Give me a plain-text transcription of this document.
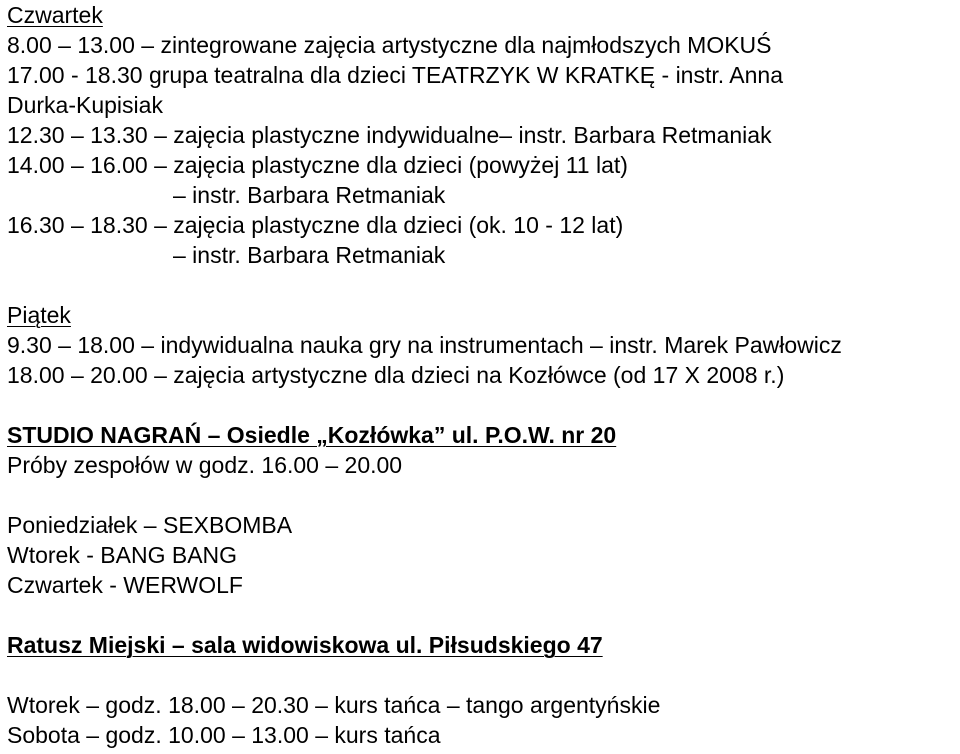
Czwartek
8.00 – 13.00 – zintegrowane zajęcia artystyczne dla najmłodszych MOKUŚ
17.00 - 18.30 grupa teatralna dla dzieci TEATRZYK W KRATKĘ - instr. Anna
Durka-Kupisiak
12.30 – 13.30 – zajęcia plastyczne indywidualne– instr. Barbara Retmaniak
14.00 – 16.00 – zajęcia plastyczne dla dzieci (powyżej 11 lat)
– instr. Barbara Retmaniak
16.30 – 18.30 – zajęcia plastyczne dla dzieci (ok. 10 - 12 lat)
– instr. Barbara Retmaniak
Piątek
9.30 – 18.00 – indywidualna nauka gry na instrumentach – instr. Marek Pawłowicz
18.00 – 20.00 – zajęcia artystyczne dla dzieci na Kozłówce (od 17 X 2008 r.)
STUDIO NAGRAŃ – Osiedle „Kozłówka” ul. P.O.W. nr 20
Próby zespołów w godz. 16.00 – 20.00
Poniedziałek – SEXBOMBA
Wtorek - BANG BANG
Czwartek - WERWOLF
Ratusz Miejski – sala widowiskowa ul. Piłsudskiego 47
Wtorek – godz. 18.00 – 20.30 – kurs tańca – tango argentyńskie
Sobota – godz. 10.00 – 13.00 – kurs tańca
